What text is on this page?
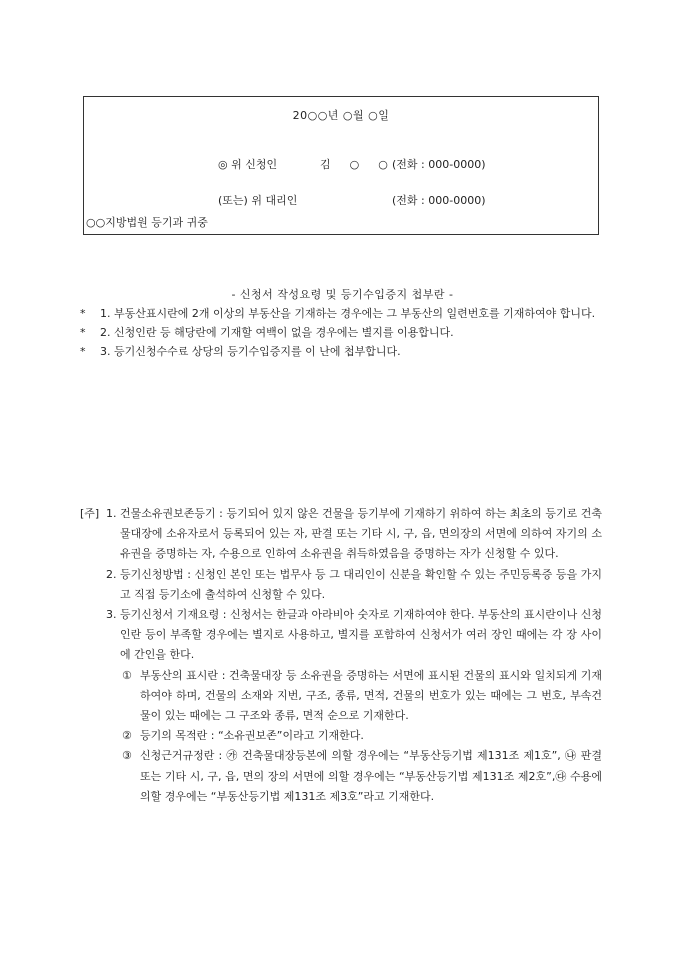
20○○년 ○월 ○일

◎ 위 신청인	김  ○  ○(전화 : 000-0000)

(또는) 위 대리인	(전화 : 000-0000)

○○지방법원 등기과 귀중
- 신청서 작성요령 및 등기수입증지 첩부란 -
* 1. 부동산표시란에 2개 이상의 부동산을 기재하는 경우에는 그 부동산의 일련번호를 기재하여야 합니다.
* 2. 신청인란 등 해당란에 기재할 여백이 없을 경우에는 별지를 이용합니다.
* 3. 등기신청수수료 상당의 등기수입증지를 이 난에 첩부합니다.
[주] 1. 건물소유권보존등기 : 등기되어 있지 않은 건물을 등기부에 기재하기 위하여 하는 최초의 등기로 건축물대장에 소유자로서 등록되어 있는 자, 판결 또는 기타 시, 구, 읍, 면의장의 서면에 의하여 자기의 소유권을 증명하는 자, 수용으로 인하여 소유권을 취득하였음을 증명하는 자가 신청할 수 있다.
2. 등기신청방법 : 신청인 본인 또는 법무사 등 그 대리인이 신분을 확인할 수 있는 주민등록증 등을 가지고 직접 등기소에 출석하여 신청할 수 있다.
3. 등기신청서 기재요령 : 신청서는 한글과 아라비아 숫자로 기재하여야 한다. 부동산의 표시란이나 신청인란 등이 부족할 경우에는 별지로 사용하고, 별지를 포함하여 신청서가 여러 장인 때에는 각 장 사이에 간인을 한다.
① 부동산의 표시란 : 건축물대장 등 소유권을 증명하는 서면에 표시된 건물의 표시와 일치되게 기재하여야 하며, 건물의 소재와 지번, 구조, 종류, 면적, 건물의 번호가 있는 때에는 그 번호, 부속건물이 있는 때에는 그 구조와 종류, 면적 순으로 기재한다.
② 등기의 목적란 : “소유권보존”이라고 기재한다.
③ 신청근거규정란 : ㉮ 건축물대장등본에 의할 경우에는 “부동산등기법 제131조 제1호”, ㉯ 판결 또는 기타 시, 구, 읍, 면의 장의 서면에 의할 경우에는 “부동산등기법 제131조 제2호”,㉰ 수용에 의할 경우에는 “부동산등기법 제131조 제3호”라고 기재한다.
